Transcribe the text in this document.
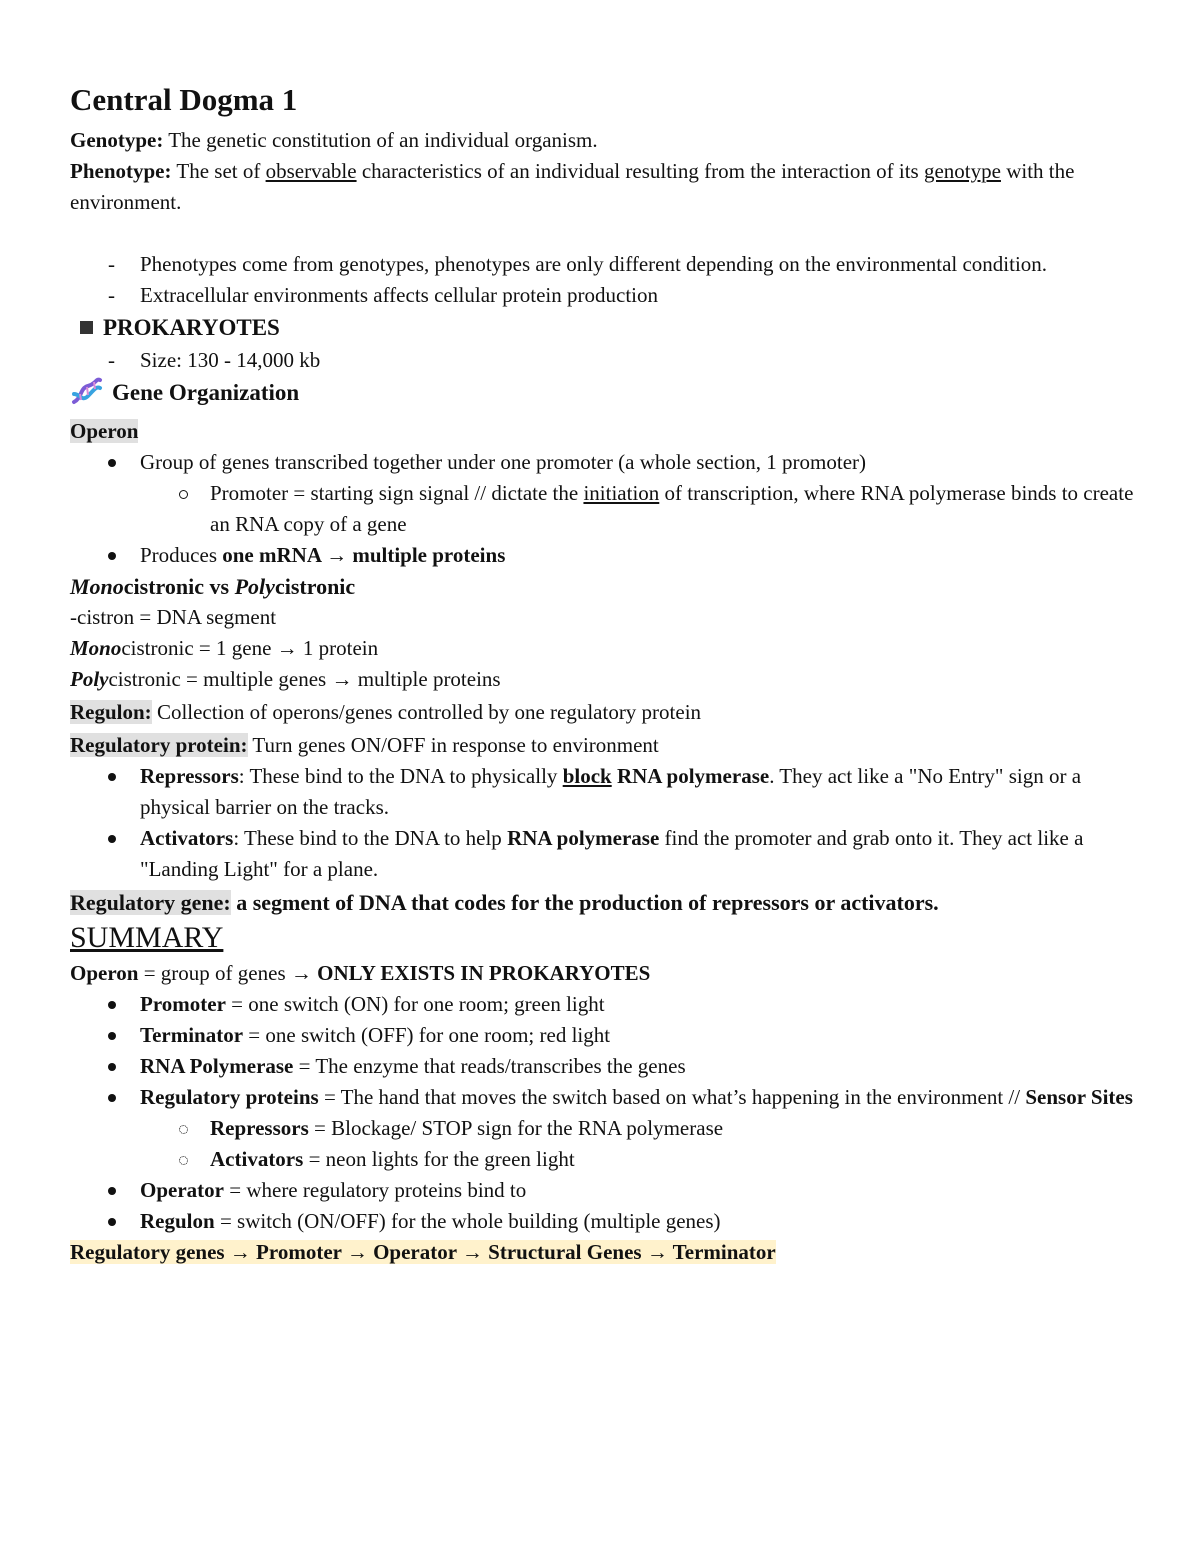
Central Dogma 1

Genotype: The genetic constitution of an individual organism.

Phenotype: The set of observable characteristics of an individual resulting from the interaction of its genotype with the environment.

- Phenotypes come from genotypes, phenotypes are only different depending on the environmental condition.
- Extracellular environments affects cellular protein production
PROKARYOTES
- Size: 130 - 14,000 kb
Gene Organization

Operon

Group of genes transcribed together under one promoter (a whole section, 1 promoter)
Promoter = starting sign signal // dictate the initiation of transcription, where RNA polymerase binds to create an RNA copy of a gene
Produces one mRNA → multiple proteins

Monocistronic vs Polycistronic

-cistron = DNA segment

Monocistronic = 1 gene → 1 protein

Polycistronic = multiple genes → multiple proteins

Regulon: Collection of operons/genes controlled by one regulatory protein

Regulatory protein: Turn genes ON/OFF in response to environment

Repressors: These bind to the DNA to physically block RNA polymerase. They act like a "No Entry" sign or a physical barrier on the tracks.
Activators: These bind to the DNA to help RNA polymerase find the promoter and grab onto it. They act like a "Landing Light" for a plane.

Regulatory gene: a segment of DNA that codes for the production of repressors or activators.

SUMMARY

Operon = group of genes → ONLY EXISTS IN PROKARYOTES

Promoter = one switch (ON) for one room; green light
Terminator = one switch (OFF) for one room; red light
RNA Polymerase = The enzyme that reads/transcribes the genes
Regulatory proteins = The hand that moves the switch based on what’s happening in the environment // Sensor Sites
Repressors = Blockage/ STOP sign for the RNA polymerase
Activators = neon lights for the green light
Operator = where regulatory proteins bind to
Regulon = switch (ON/OFF) for the whole building (multiple genes)

Regulatory genes → Promoter → Operator → Structural Genes → Terminator
